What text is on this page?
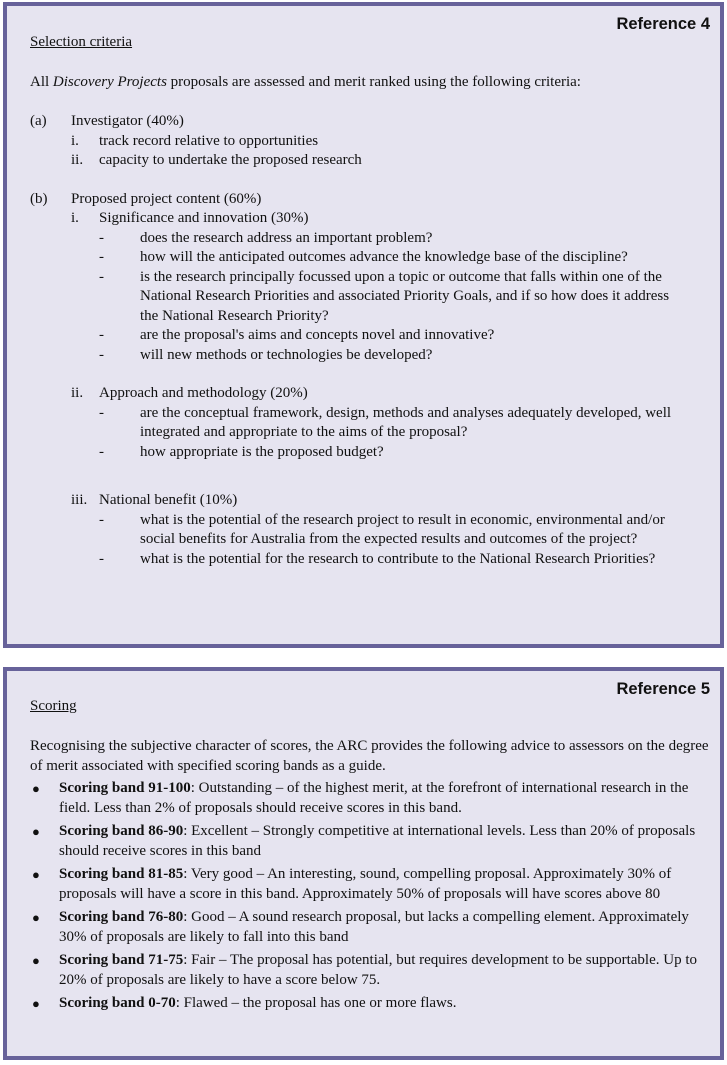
Reference 4
Selection criteria
All Discovery Projects proposals are assessed and merit ranked using the following criteria:
(a)	Investigator (40%)
i.	track record relative to opportunities
ii.	capacity to undertake the proposed research
(b)	Proposed project content (60%)
i.	Significance and innovation (30%)
-	does the research address an important problem?
-	how will the anticipated outcomes advance the knowledge base of the discipline?
-	is the research principally focussed upon a topic or outcome that falls within one of the National Research Priorities and associated Priority Goals, and if so how does it address the National Research Priority?
-	are the proposal's aims and concepts novel and innovative?
-	will new methods or technologies be developed?
ii.	Approach and methodology (20%)
-	are the conceptual framework, design, methods and analyses adequately developed, well integrated and appropriate to the aims of the proposal?
-	how appropriate is the proposed budget?
iii. National benefit (10%)
-	what is the potential of the research project to result in economic, environmental and/or social benefits for Australia from the expected results and outcomes of the project?
-	what is the potential for the research to contribute to the National Research Priorities?
Reference 5
Scoring
Recognising the subjective character of scores, the ARC provides the following advice to assessors on the degree of merit associated with specified scoring bands as a guide.
●	Scoring band 91-100: Outstanding – of the highest merit, at the forefront of international research in the field. Less than 2% of proposals should receive scores in this band.
●	Scoring band 86-90: Excellent – Strongly competitive at international levels. Less than 20% of proposals should receive scores in this band
●	Scoring band 81-85: Very good – An interesting, sound, compelling proposal. Approximately 30% of proposals will have a score in this band. Approximately 50% of proposals will have scores above 80
●	Scoring band 76-80: Good – A sound research proposal, but lacks a compelling element. Approximately 30% of proposals are likely to fall into this band
●	Scoring band 71-75: Fair – The proposal has potential, but requires development to be supportable. Up to 20% of proposals are likely to have a score below 75.
●	Scoring band 0-70: Flawed – the proposal has one or more flaws.
